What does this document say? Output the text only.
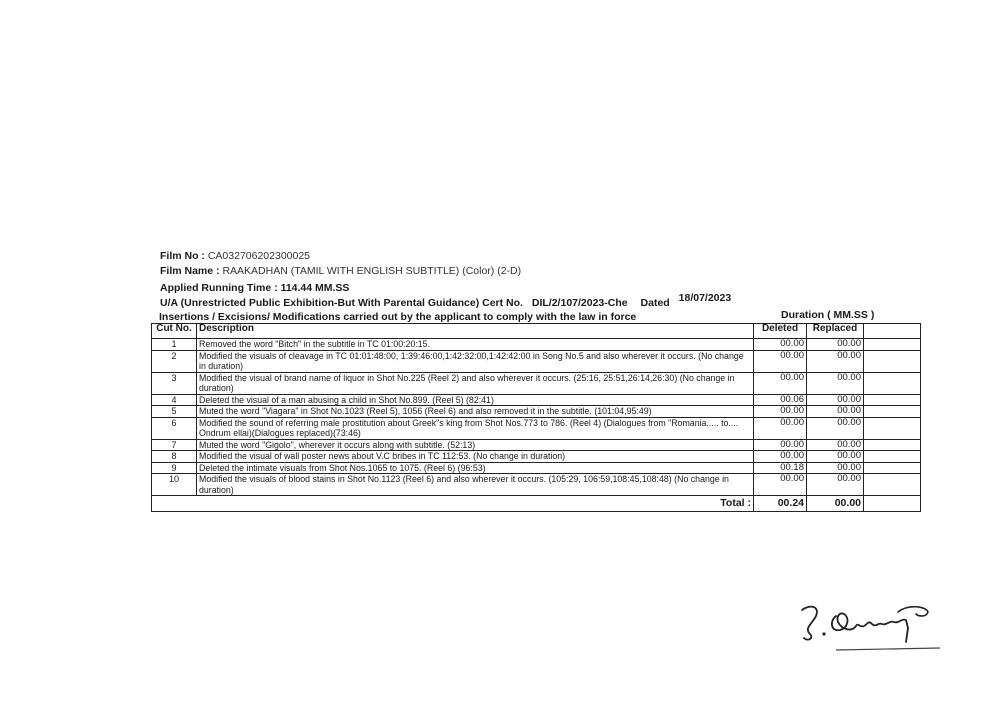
Film No : CA032706202300025
Film Name : RAAKADHAN (TAMIL WITH ENGLISH SUBTITLE) (Color) (2-D)
Applied Running Time : 114.44 MM.SS
U/A (Unrestricted Public Exhibition-But With Parental Guidance) Cert No. DIL/2/107/2023-Che Dated 18/07/2023
Insertions / Excisions/ Modifications carried out by the applicant to comply with the law in force	Duration ( MM.SS )
Cut No.	Description	Deleted	Replaced	
1	Removed the word "Bitch" in the subtitle in TC 01:00:20:15.	00.00	00.00	
2	Modified the visuals of cleavage in TC 01:01:48:00, 1:39:46:00,1:42:32:00,1:42:42:00 in Song No.5 and also wherever it occurs. (No change in duration)	00.00	00.00	
3	Modified the visual of brand name of liquor in Shot No.225 (Reel 2) and also wherever it occurs. (25:16, 25:51,26:14,26:30) (No change in duration)	00.00	00.00	
4	Deleted the visual of a man abusing a child in Shot No.899. (Reel 5) (82:41)	00.06	00.00	
5	Muted the word "Viagara" in Shot No.1023 (Reel 5), 1056 (Reel 6) and also removed it in the subtitle. (101:04,95:49)	00.00	00.00	
6	Modified the sound of referring male prostitution about Greek"s king from Shot Nos.773 to 786. (Reel 4) (Dialogues from "Romania..... to.... Ondrum ellai)(Dialogues replaced)(73:46)	00.00	00.00	
7	Muted the word "Gigolo", wherever it occurs along with subtitle. (52:13)	00.00	00.00	
8	Modified the visual of wall poster news about V.C bribes in TC 112:53. (No change in duration)	00.00	00.00	
9	Deleted the intimate visuals from Shot Nos.1065 to 1075. (Reel 6) (96:53)	00.18	00.00	
10	Modified the visuals of blood stains in Shot No.1123 (Reel 6) and also wherever it occurs. (105:29, 106:59,108:45,108:48) (No change in duration)	00.00	00.00	
Total :		00.24	00.00	
